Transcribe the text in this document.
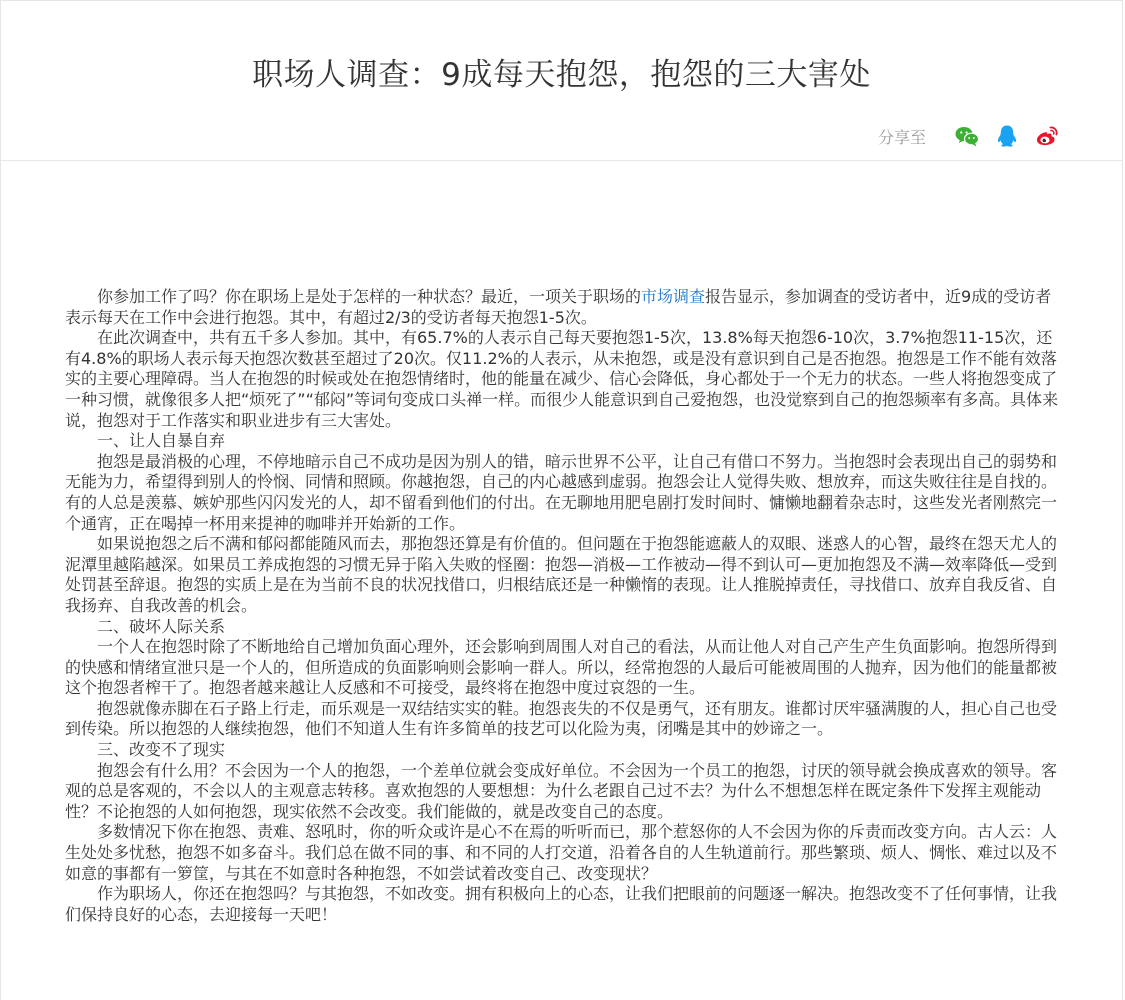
职场人调查：9成每天抱怨，抱怨的三大害处
分享至

你参加工作了吗？你在职场上是处于怎样的一种状态？最近，一项关于职场的市场调查报告显示，参加调查的受访者中，近9成的受访者表示每天在工作中会进行抱怨。其中，有超过2/3的受访者每天抱怨1-5次。

在此次调查中，共有五千多人参加。其中，有65.7%的人表示自己每天要抱怨1-5次，13.8%每天抱怨6-10次，3.7%抱怨11-15次，还有4.8%的职场人表示每天抱怨次数甚至超过了20次。仅11.2%的人表示，从未抱怨，或是没有意识到自己是否抱怨。抱怨是工作不能有效落实的主要心理障碍。当人在抱怨的时候或处在抱怨情绪时，他的能量在减少、信心会降低，身心都处于一个无力的状态。一些人将抱怨变成了一种习惯，就像很多人把“烦死了”“郁闷”等词句变成口头禅一样。而很少人能意识到自己爱抱怨，也没觉察到自己的抱怨频率有多高。具体来说，抱怨对于工作落实和职业进步有三大害处。

一、让人自暴自弃

抱怨是最消极的心理，不停地暗示自己不成功是因为别人的错，暗示世界不公平，让自己有借口不努力。当抱怨时会表现出自己的弱势和无能为力，希望得到别人的怜悯、同情和照顾。你越抱怨，自己的内心越感到虚弱。抱怨会让人觉得失败、想放弃，而这失败往往是自找的。有的人总是羡慕、嫉妒那些闪闪发光的人，却不留看到他们的付出。在无聊地用肥皂剧打发时间时、慵懒地翻着杂志时，这些发光者刚熬完一个通宵，正在喝掉一杯用来提神的咖啡并开始新的工作。

如果说抱怨之后不满和郁闷都能随风而去，那抱怨还算是有价值的。但问题在于抱怨能遮蔽人的双眼、迷惑人的心智，最终在怨天尤人的泥潭里越陷越深。如果员工养成抱怨的习惯无异于陷入失败的怪圈：抱怨—消极—工作被动—得不到认可—更加抱怨及不满—效率降低—受到处罚甚至辞退。抱怨的实质上是在为当前不良的状况找借口，归根结底还是一种懒惰的表现。让人推脱掉责任，寻找借口、放弃自我反省、自我扬弃、自我改善的机会。

二、破坏人际关系

一个人在抱怨时除了不断地给自己增加负面心理外，还会影响到周围人对自己的看法，从而让他人对自己产生产生负面影响。抱怨所得到的快感和情绪宣泄只是一个人的，但所造成的负面影响则会影响一群人。所以，经常抱怨的人最后可能被周围的人抛弃，因为他们的能量都被这个抱怨者榨干了。抱怨者越来越让人反感和不可接受，最终将在抱怨中度过哀怨的一生。

抱怨就像赤脚在石子路上行走，而乐观是一双结结实实的鞋。抱怨丧失的不仅是勇气，还有朋友。谁都讨厌牢骚满腹的人，担心自己也受到传染。所以抱怨的人继续抱怨，他们不知道人生有许多简单的技艺可以化险为夷，闭嘴是其中的妙谛之一。

三、改变不了现实

抱怨会有什么用？不会因为一个人的抱怨，一个差单位就会变成好单位。不会因为一个员工的抱怨，讨厌的领导就会换成喜欢的领导。客观的总是客观的，不会以人的主观意志转移。喜欢抱怨的人要想想：为什么老跟自己过不去？为什么不想想怎样在既定条件下发挥主观能动性？不论抱怨的人如何抱怨，现实依然不会改变。我们能做的，就是改变自己的态度。

多数情况下你在抱怨、责难、怒吼时，你的听众或许是心不在焉的听听而已，那个惹怒你的人不会因为你的斥责而改变方向。古人云：人生处处多忧愁，抱怨不如多奋斗。我们总在做不同的事、和不同的人打交道，沿着各自的人生轨道前行。那些繁琐、烦人、惆怅、难过以及不如意的事都有一箩筐，与其在不如意时各种抱怨，不如尝试着改变自己、改变现状？

作为职场人，你还在抱怨吗？与其抱怨，不如改变。拥有积极向上的心态，让我们把眼前的问题逐一解决。抱怨改变不了任何事情，让我们保持良好的心态，去迎接每一天吧！
